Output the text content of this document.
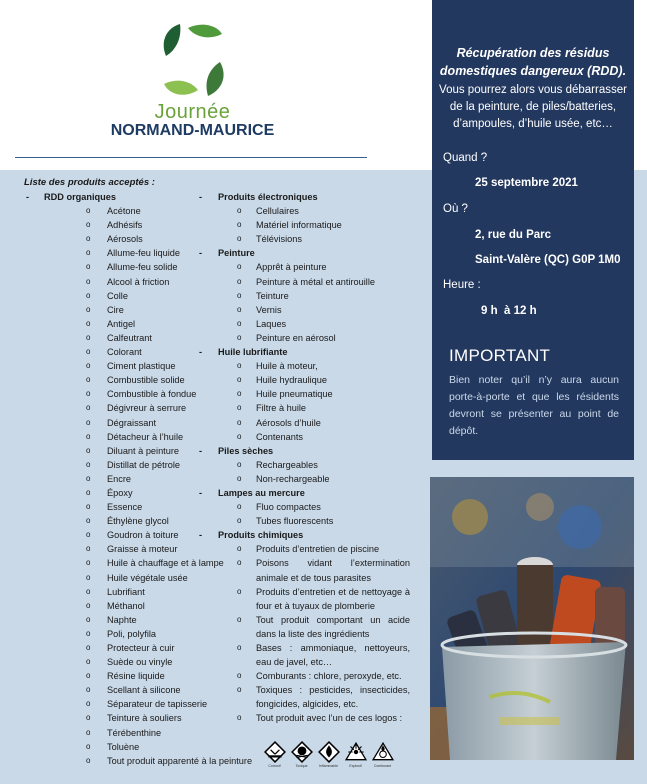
Journée
NORMAND-MAURICE
Récupération des résidus domestiques dangereux (RDD).
Vous pourrez alors vous débarrasser de la peinture, de piles/batteries, d’ampoules, d’huile usée, etc…
Quand ?
25 septembre 2021
Où ?
2, rue du Parc
Saint-Valère (QC) G0P 1M0
Heure :
9 h  à 12 h
IMPORTANT
Bien noter qu’il n’y aura aucun porte-à-porte et que les résidents devront se présenter au point de dépôt.
Liste des produits acceptés :
- RDD organiques
o Acétone
o Adhésifs
o Aérosols
o Allume-feu liquide
o Allume-feu solide
o Alcool à friction
o Colle
o Cire
o Antigel
o Calfeutrant
o Colorant
o Ciment plastique
o Combustible solide
o Combustible à fondue
o Dégivreur à serrure
o Dégraissant
o Détacheur à l’huile
o Diluant à peinture
o Distillat de pétrole
o Encre
o Époxy
o Essence
o Éthylène glycol
o Goudron à toiture
o Graisse à moteur
o Huile à chauffage et à lampe
o Huile végétale usée
o Lubrifiant
o Méthanol
o Naphte
o Poli, polyfila
o Protecteur à cuir
o Suède ou vinyle
o Résine liquide
o Scellant à silicone
o Séparateur de tapisserie
o Teinture à souliers
o Térébenthine
o Toluène
o Tout produit apparenté à la peinture
- Produits électroniques
o Cellulaires
o Matériel informatique
o Télévisions
- Peinture
o Apprêt à peinture
o Peinture à métal et antirouille
o Teinture
o Vernis
o Laques
o Peinture en aérosol
- Huile lubrifiante
o Huile à moteur,
o Huile hydraulique
o Huile pneumatique
o Filtre à huile
o Aérosols d’huile
o Contenants
- Piles sèches
o Rechargeables
o Non-rechargeable
- Lampes au mercure
o Fluo compactes
o Tubes fluorescents
- Produits chimiques
o Produits d’entretien de piscine
o Poisons vidant l’extermination animale et de tous parasites
o Produits d’entretien et de nettoyage à four et à tuyaux de plomberie
o Tout produit comportant un acide dans la liste des ingrédients
o Bases : ammoniaque, nettoyeurs, eau de javel, etc…
o Comburants : chlore, peroxyde, etc.
o Toxiques : pesticides, insecticides, fongicides, algicides, etc.
o Tout produit avec l’un de ces logos :
Corrosif	Toxique	Inflammable	Explosif	Comburant
